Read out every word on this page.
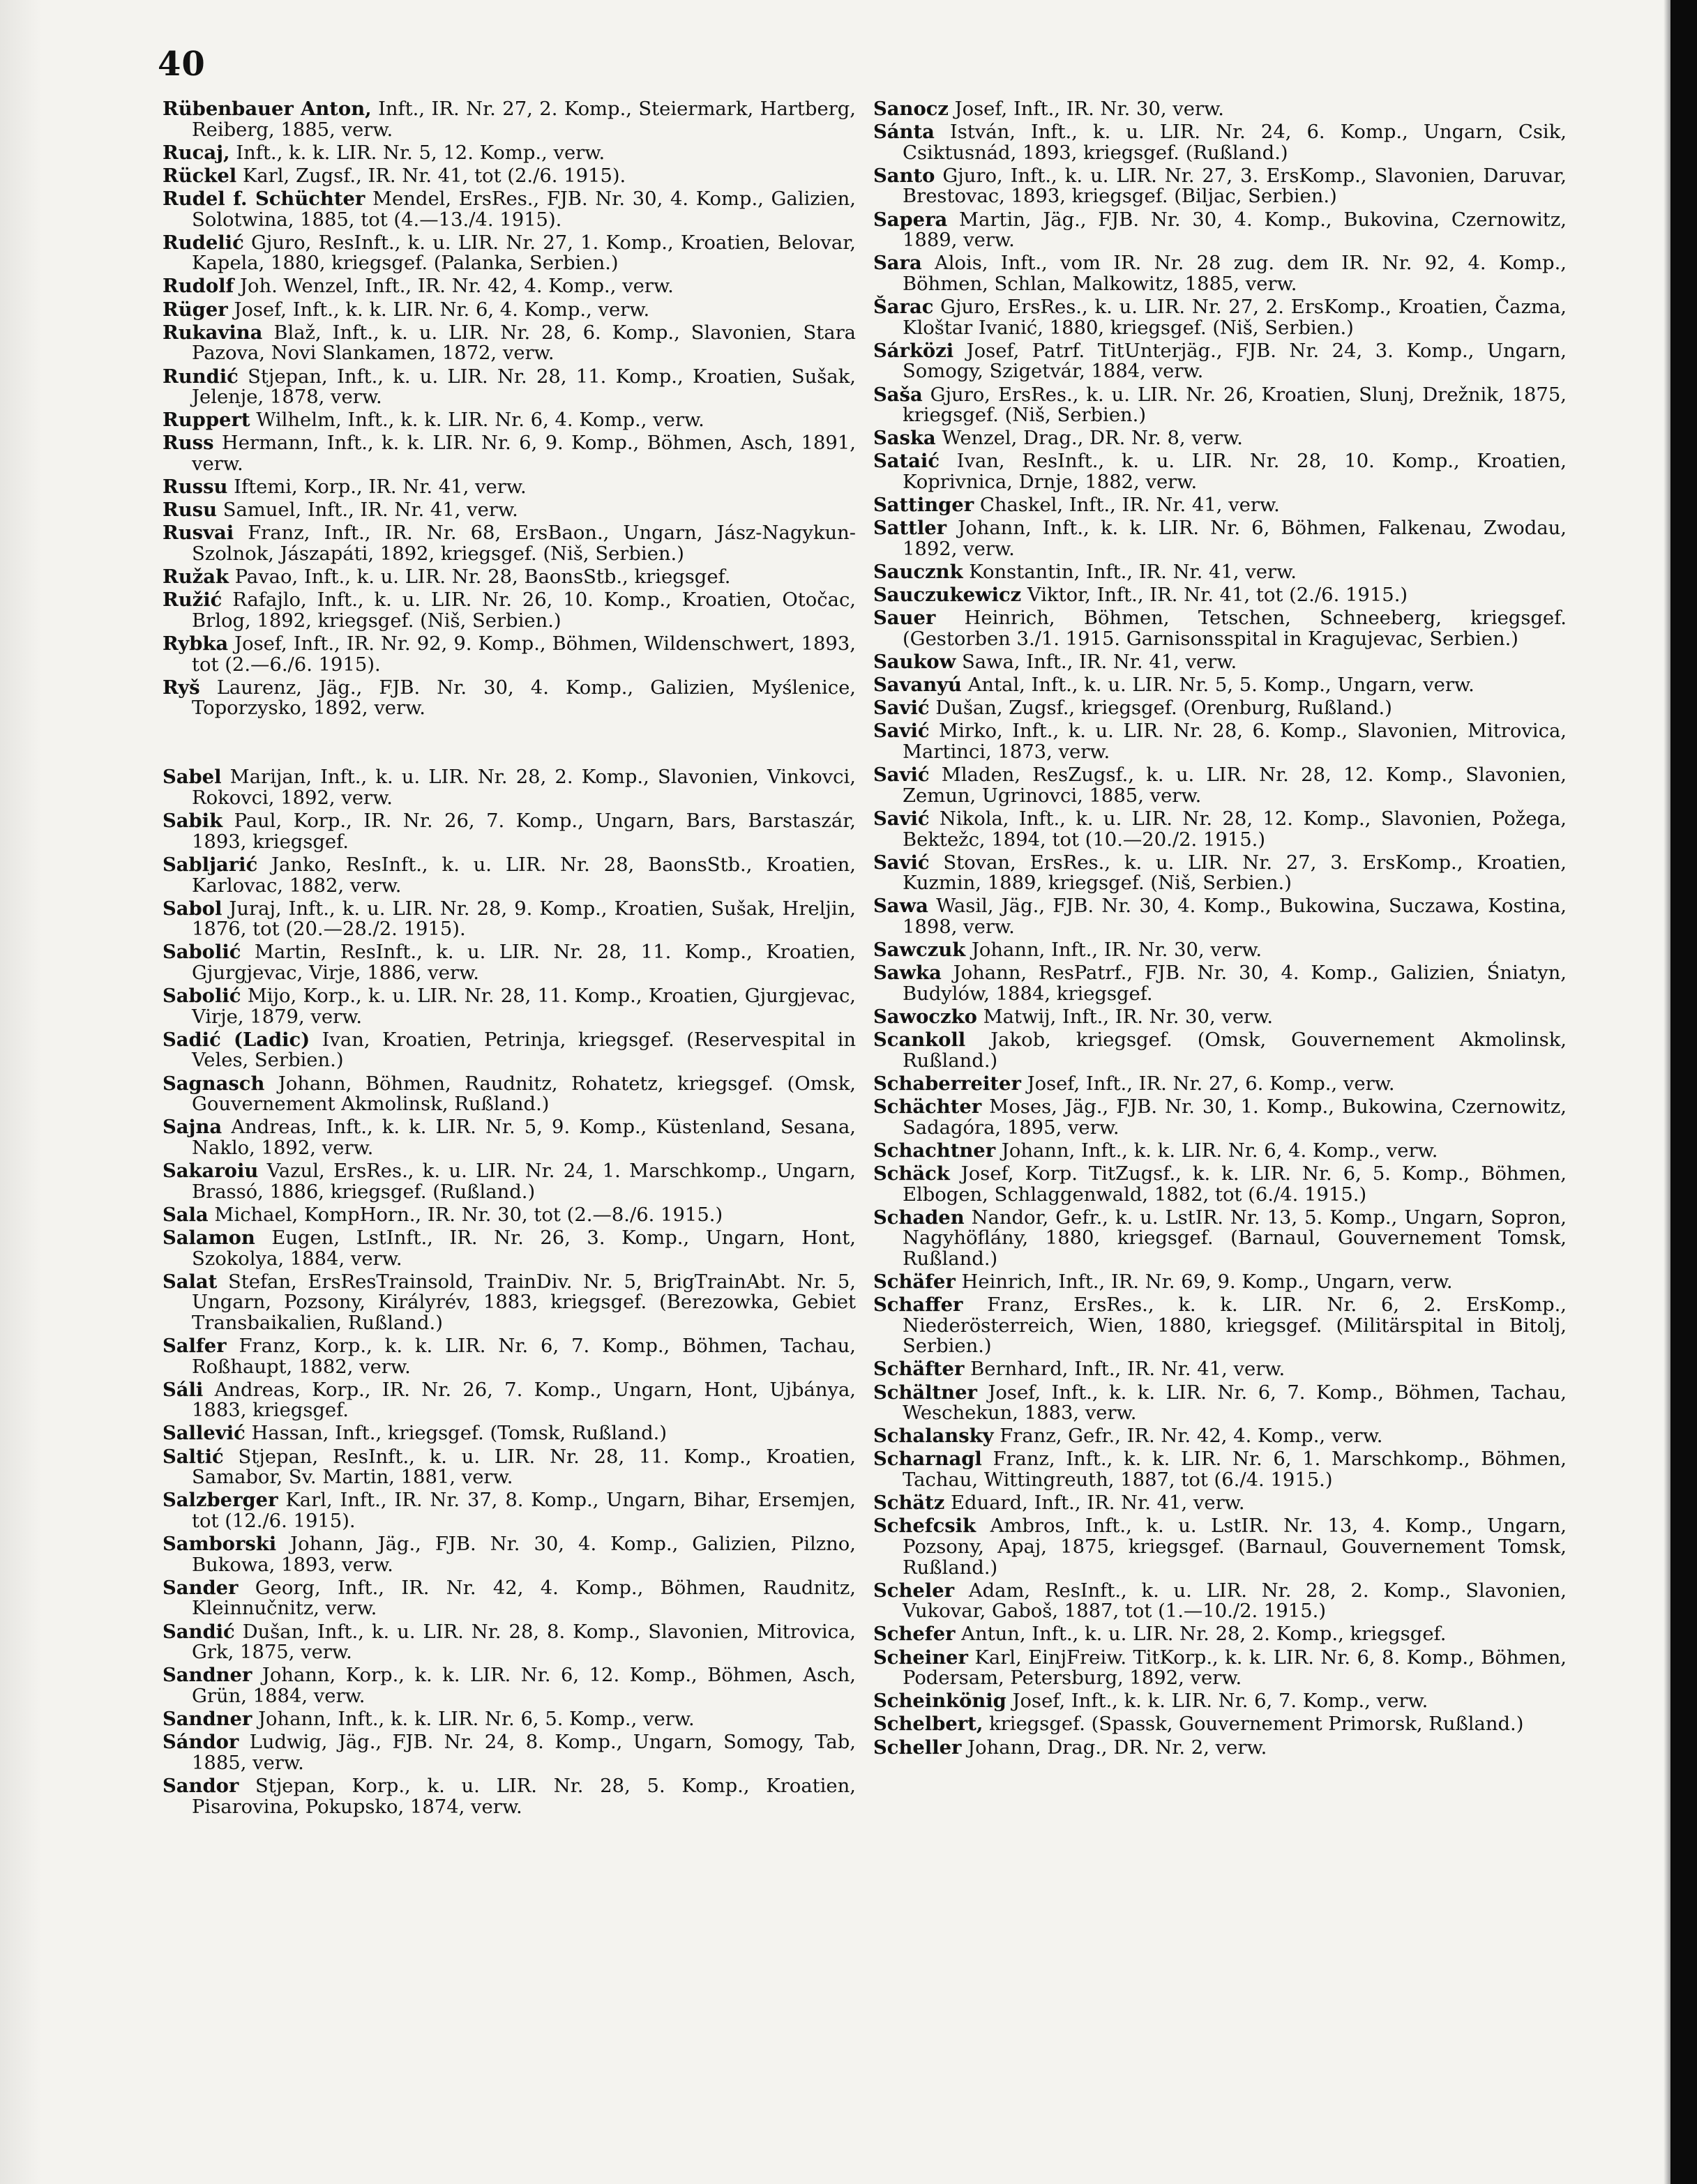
40
Rübenbauer Anton, Inft., IR. Nr. 27, 2. Komp., Steiermark, Hartberg, Reiberg, 1885, verw.
Rucaj, Inft., k. k. LIR. Nr. 5, 12. Komp., verw.
Rückel Karl, Zugsf., IR. Nr. 41, tot (2./6. 1915).
Rudel f. Schüchter Mendel, ErsRes., FJB. Nr. 30, 4. Komp., Galizien, Solotwina, 1885, tot (4.—13./4. 1915).
Rudelić Gjuro, ResInft., k. u. LIR. Nr. 27, 1. Komp., Kroatien, Belovar, Kapela, 1880, kriegsgef. (Palanka, Serbien.)
Rudolf Joh. Wenzel, Inft., IR. Nr. 42, 4. Komp., verw.
Rüger Josef, Inft., k. k. LIR. Nr. 6, 4. Komp., verw.
Rukavina Blaž, Inft., k. u. LIR. Nr. 28, 6. Komp., Slavonien, Stara Pazova, Novi Slankamen, 1872, verw.
Rundić Stjepan, Inft., k. u. LIR. Nr. 28, 11. Komp., Kroatien, Sušak, Jelenje, 1878, verw.
Ruppert Wilhelm, Inft., k. k. LIR. Nr. 6, 4. Komp., verw.
Russ Hermann, Inft., k. k. LIR. Nr. 6, 9. Komp., Böhmen, Asch, 1891, verw.
Russu Iftemi, Korp., IR. Nr. 41, verw.
Rusu Samuel, Inft., IR. Nr. 41, verw.
Rusvai Franz, Inft., IR. Nr. 68, ErsBaon., Ungarn, Jász-Nagykun-Szolnok, Jászapáti, 1892, kriegsgef. (Niš, Serbien.)
Ružak Pavao, Inft., k. u. LIR. Nr. 28, BaonsStb., kriegsgef.
Ružić Rafajlo, Inft., k. u. LIR. Nr. 26, 10. Komp., Kroatien, Otočac, Brlog, 1892, kriegsgef. (Niš, Serbien.)
Rybka Josef, Inft., IR. Nr. 92, 9. Komp., Böhmen, Wildenschwert, 1893, tot (2.—6./6. 1915).
Ryš Laurenz, Jäg., FJB. Nr. 30, 4. Komp., Galizien, Myślenice, Toporzysko, 1892, verw.
Sabel Marijan, Inft., k. u. LIR. Nr. 28, 2. Komp., Slavonien, Vinkovci, Rokovci, 1892, verw.
Sabik Paul, Korp., IR. Nr. 26, 7. Komp., Ungarn, Bars, Barstaszár, 1893, kriegsgef.
Sabljarić Janko, ResInft., k. u. LIR. Nr. 28, BaonsStb., Kroatien, Karlovac, 1882, verw.
Sabol Juraj, Inft., k. u. LIR. Nr. 28, 9. Komp., Kroatien, Sušak, Hreljin, 1876, tot (20.—28./2. 1915).
Sabolić Martin, ResInft., k. u. LIR. Nr. 28, 11. Komp., Kroatien, Gjurgjevac, Virje, 1886, verw.
Sabolić Mijo, Korp., k. u. LIR. Nr. 28, 11. Komp., Kroatien, Gjurgjevac, Virje, 1879, verw.
Sadić (Ladic) Ivan, Kroatien, Petrinja, kriegsgef. (Reservespital in Veles, Serbien.)
Sagnasch Johann, Böhmen, Raudnitz, Rohatetz, kriegsgef. (Omsk, Gouvernement Akmolinsk, Rußland.)
Sajna Andreas, Inft., k. k. LIR. Nr. 5, 9. Komp., Küstenland, Sesana, Naklo, 1892, verw.
Sakaroiu Vazul, ErsRes., k. u. LIR. Nr. 24, 1. Marschkomp., Ungarn, Brassó, 1886, kriegsgef. (Rußland.)
Sala Michael, KompHorn., IR. Nr. 30, tot (2.—8./6. 1915.)
Salamon Eugen, LstInft., IR. Nr. 26, 3. Komp., Ungarn, Hont, Szokolya, 1884, verw.
Salat Stefan, ErsResTrainsold, TrainDiv. Nr. 5, BrigTrainAbt. Nr. 5, Ungarn, Pozsony, Királyrév, 1883, kriegsgef. (Berezowka, Gebiet Transbaikalien, Rußland.)
Salfer Franz, Korp., k. k. LIR. Nr. 6, 7. Komp., Böhmen, Tachau, Roßhaupt, 1882, verw.
Sáli Andreas, Korp., IR. Nr. 26, 7. Komp., Ungarn, Hont, Ujbánya, 1883, kriegsgef.
Sallević Hassan, Inft., kriegsgef. (Tomsk, Rußland.)
Saltić Stjepan, ResInft., k. u. LIR. Nr. 28, 11. Komp., Kroatien, Samabor, Sv. Martin, 1881, verw.
Salzberger Karl, Inft., IR. Nr. 37, 8. Komp., Ungarn, Bihar, Ersemjen, tot (12./6. 1915).
Samborski Johann, Jäg., FJB. Nr. 30, 4. Komp., Galizien, Pilzno, Bukowa, 1893, verw.
Sander Georg, Inft., IR. Nr. 42, 4. Komp., Böhmen, Raudnitz, Kleinnučnitz, verw.
Sandić Dušan, Inft., k. u. LIR. Nr. 28, 8. Komp., Slavonien, Mitrovica, Grk, 1875, verw.
Sandner Johann, Korp., k. k. LIR. Nr. 6, 12. Komp., Böhmen, Asch, Grün, 1884, verw.
Sandner Johann, Inft., k. k. LIR. Nr. 6, 5. Komp., verw.
Sándor Ludwig, Jäg., FJB. Nr. 24, 8. Komp., Ungarn, Somogy, Tab, 1885, verw.
Sandor Stjepan, Korp., k. u. LIR. Nr. 28, 5. Komp., Kroatien, Pisarovina, Pokupsko, 1874, verw.
Sanocz Josef, Inft., IR. Nr. 30, verw.
Sánta István, Inft., k. u. LIR. Nr. 24, 6. Komp., Ungarn, Csik, Csiktusnád, 1893, kriegsgef. (Rußland.)
Santo Gjuro, Inft., k. u. LIR. Nr. 27, 3. ErsKomp., Slavonien, Daruvar, Brestovac, 1893, kriegsgef. (Biljac, Serbien.)
Sapera Martin, Jäg., FJB. Nr. 30, 4. Komp., Bukovina, Czernowitz, 1889, verw.
Sara Alois, Inft., vom IR. Nr. 28 zug. dem IR. Nr. 92, 4. Komp., Böhmen, Schlan, Malkowitz, 1885, verw.
Šarac Gjuro, ErsRes., k. u. LIR. Nr. 27, 2. ErsKomp., Kroatien, Čazma, Kloštar Ivanić, 1880, kriegsgef. (Niš, Serbien.)
Sárközi Josef, Patrf. TitUnterjäg., FJB. Nr. 24, 3. Komp., Ungarn, Somogy, Szigetvár, 1884, verw.
Saša Gjuro, ErsRes., k. u. LIR. Nr. 26, Kroatien, Slunj, Drežnik, 1875, kriegsgef. (Niš, Serbien.)
Saska Wenzel, Drag., DR. Nr. 8, verw.
Sataić Ivan, ResInft., k. u. LIR. Nr. 28, 10. Komp., Kroatien, Koprivnica, Drnje, 1882, verw.
Sattinger Chaskel, Inft., IR. Nr. 41, verw.
Sattler Johann, Inft., k. k. LIR. Nr. 6, Böhmen, Falkenau, Zwodau, 1892, verw.
Saucznk Konstantin, Inft., IR. Nr. 41, verw.
Sauczukewicz Viktor, Inft., IR. Nr. 41, tot (2./6. 1915.)
Sauer Heinrich, Böhmen, Tetschen, Schneeberg, kriegsgef. (Gestorben 3./1. 1915. Garnisonsspital in Kragujevac, Serbien.)
Saukow Sawa, Inft., IR. Nr. 41, verw.
Savanyú Antal, Inft., k. u. LIR. Nr. 5, 5. Komp., Ungarn, verw.
Savić Dušan, Zugsf., kriegsgef. (Orenburg, Rußland.)
Savić Mirko, Inft., k. u. LIR. Nr. 28, 6. Komp., Slavonien, Mitrovica, Martinci, 1873, verw.
Savić Mladen, ResZugsf., k. u. LIR. Nr. 28, 12. Komp., Slavonien, Zemun, Ugrinovci, 1885, verw.
Savić Nikola, Inft., k. u. LIR. Nr. 28, 12. Komp., Slavonien, Požega, Bektežc, 1894, tot (10.—20./2. 1915.)
Savić Stovan, ErsRes., k. u. LIR. Nr. 27, 3. ErsKomp., Kroatien, Kuzmin, 1889, kriegsgef. (Niš, Serbien.)
Sawa Wasil, Jäg., FJB. Nr. 30, 4. Komp., Bukowina, Suczawa, Kostina, 1898, verw.
Sawczuk Johann, Inft., IR. Nr. 30, verw.
Sawka Johann, ResPatrf., FJB. Nr. 30, 4. Komp., Galizien, Śniatyn, Budylów, 1884, kriegsgef.
Sawoczko Matwij, Inft., IR. Nr. 30, verw.
Scankoll Jakob, kriegsgef. (Omsk, Gouvernement Akmolinsk, Rußland.)
Schaberreiter Josef, Inft., IR. Nr. 27, 6. Komp., verw.
Schächter Moses, Jäg., FJB. Nr. 30, 1. Komp., Bukowina, Czernowitz, Sadagóra, 1895, verw.
Schachtner Johann, Inft., k. k. LIR. Nr. 6, 4. Komp., verw.
Schäck Josef, Korp. TitZugsf., k. k. LIR. Nr. 6, 5. Komp., Böhmen, Elbogen, Schlaggenwald, 1882, tot (6./4. 1915.)
Schaden Nandor, Gefr., k. u. LstIR. Nr. 13, 5. Komp., Ungarn, Sopron, Nagyhöflány, 1880, kriegsgef. (Barnaul, Gouvernement Tomsk, Rußland.)
Schäfer Heinrich, Inft., IR. Nr. 69, 9. Komp., Ungarn, verw.
Schaffer Franz, ErsRes., k. k. LIR. Nr. 6, 2. ErsKomp., Niederösterreich, Wien, 1880, kriegsgef. (Militärspital in Bitolj, Serbien.)
Schäfter Bernhard, Inft., IR. Nr. 41, verw.
Schältner Josef, Inft., k. k. LIR. Nr. 6, 7. Komp., Böhmen, Tachau, Weschekun, 1883, verw.
Schalansky Franz, Gefr., IR. Nr. 42, 4. Komp., verw.
Scharnagl Franz, Inft., k. k. LIR. Nr. 6, 1. Marschkomp., Böhmen, Tachau, Wittingreuth, 1887, tot (6./4. 1915.)
Schätz Eduard, Inft., IR. Nr. 41, verw.
Schefcsik Ambros, Inft., k. u. LstIR. Nr. 13, 4. Komp., Ungarn, Pozsony, Apaj, 1875, kriegsgef. (Barnaul, Gouvernement Tomsk, Rußland.)
Scheler Adam, ResInft., k. u. LIR. Nr. 28, 2. Komp., Slavonien, Vukovar, Gaboš, 1887, tot (1.—10./2. 1915.)
Schefer Antun, Inft., k. u. LIR. Nr. 28, 2. Komp., kriegsgef.
Scheiner Karl, EinjFreiw. TitKorp., k. k. LIR. Nr. 6, 8. Komp., Böhmen, Podersam, Petersburg, 1892, verw.
Scheinkönig Josef, Inft., k. k. LIR. Nr. 6, 7. Komp., verw.
Schelbert, kriegsgef. (Spassk, Gouvernement Primorsk, Rußland.)
Scheller Johann, Drag., DR. Nr. 2, verw.
